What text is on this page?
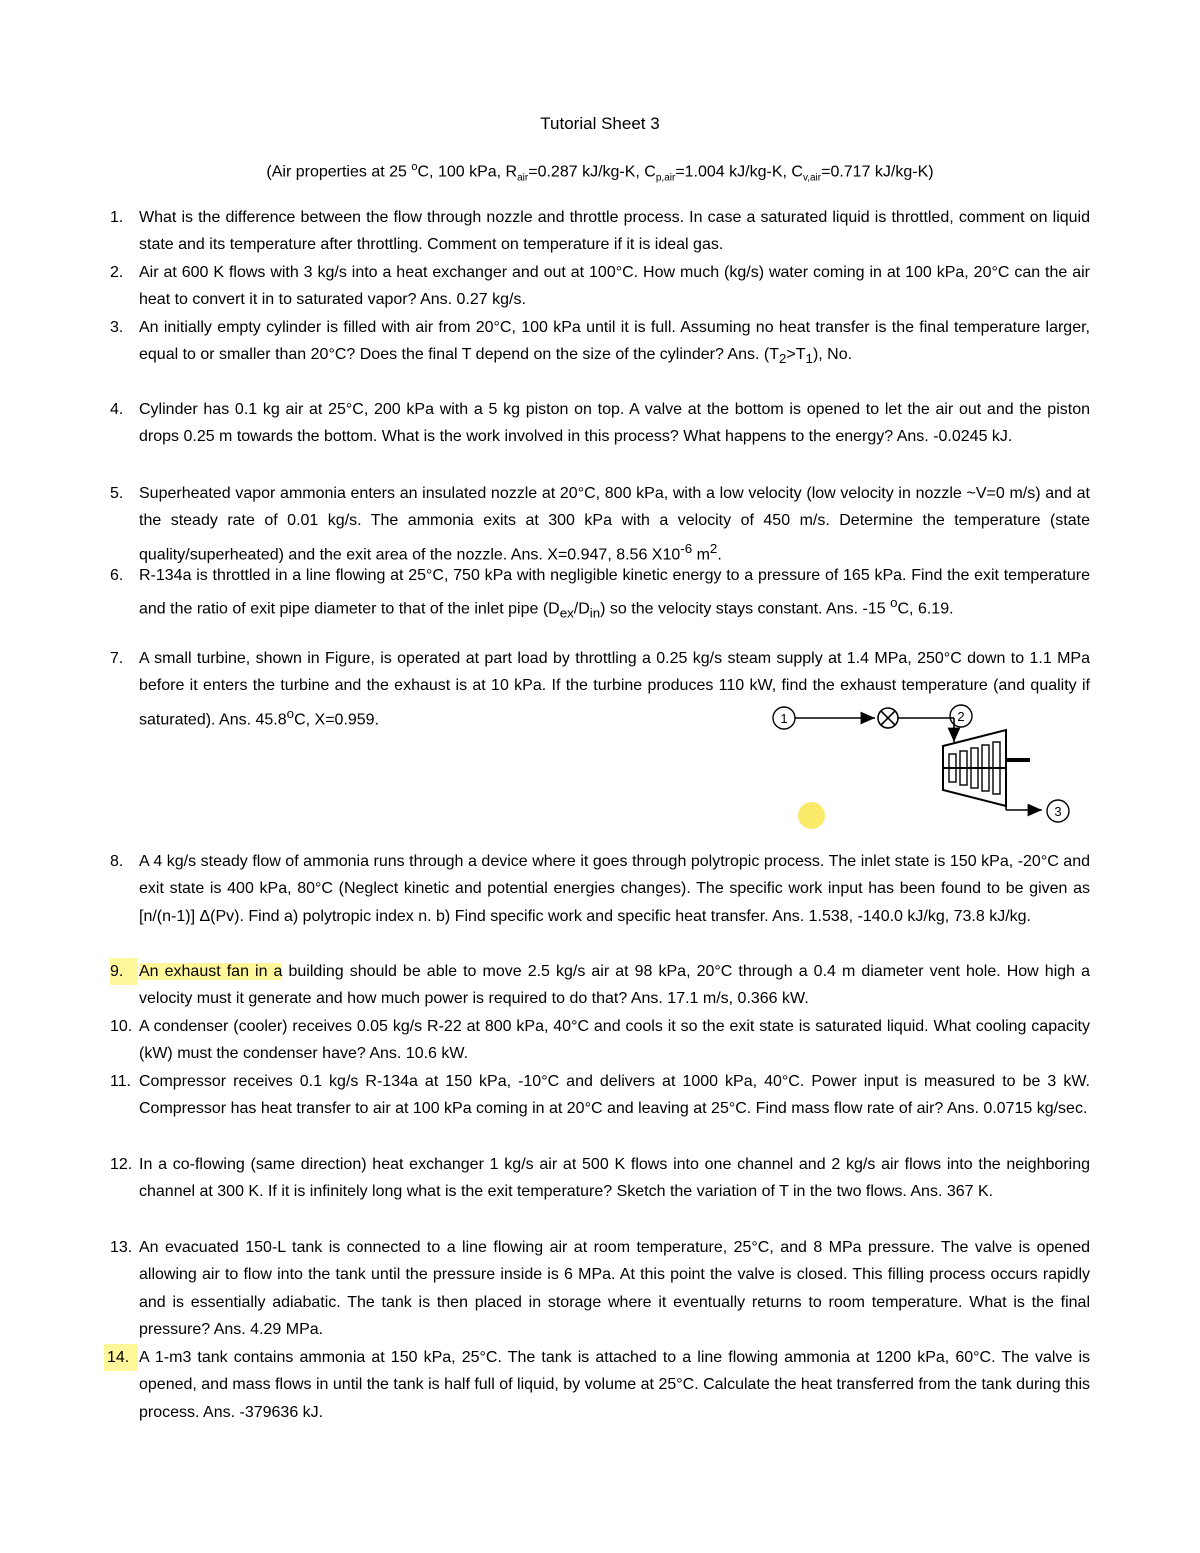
Tutorial Sheet 3
(Air properties at 25 $^o$C, 100 kPa, $R_{air}=0.287$ kJ/kg-K, $C_{p,air}=1.004$ kJ/kg-K, $C_{v,air}=0.717$ kJ/kg-K)
1. What is the difference between the flow through nozzle and throttle process. In case a saturated liquid is throttled, comment on liquid state and its temperature after throttling. Comment on temperature if it is ideal gas.
2. Air at 600 K flows with 3 kg/s into a heat exchanger and out at 100°C. How much (kg/s) water coming in at 100 kPa, 20°C can the air heat to convert it in to saturated vapor? Ans. 0.27 kg/s.
3. An initially empty cylinder is filled with air from 20°C, 100 kPa until it is full. Assuming no heat transfer is the final temperature larger, equal to or smaller than 20°C? Does the final T depend on the size of the cylinder? Ans. $(T_2>T_1)$, No.
4. Cylinder has 0.1 kg air at 25°C, 200 kPa with a 5 kg piston on top. A valve at the bottom is opened to let the air out and the piston drops 0.25 m towards the bottom. What is the work involved in this process? What happens to the energy? Ans. -0.0245 kJ.
5. Superheated vapor ammonia enters an insulated nozzle at 20°C, 800 kPa, with a low velocity (low velocity in nozzle ~V=0 m/s) and at the steady rate of 0.01 kg/s. The ammonia exits at 300 kPa with a velocity of 450 m/s. Determine the temperature (state quality/superheated) and the exit area of the nozzle. Ans. X=0.947, 8.56 $X10^{-6}$ $m^2$.
6. R-134a is throttled in a line flowing at 25°C, 750 kPa with negligible kinetic energy to a pressure of 165 kPa. Find the exit temperature and the ratio of exit pipe diameter to that of the inlet pipe $(D_{ex}/D_{in})$ so the velocity stays constant. Ans. -15 $^o$C, 6.19.
7. A small turbine, shown in Figure, is operated at part load by throttling a 0.25 kg/s steam supply at 1.4 MPa, 250°C down to 1.1 MPa before it enters the turbine and the exhaust is at 10 kPa. If the turbine produces 110 kW, find the exhaust temperature (and quality if saturated). Ans. 45.8$^o$C, X=0.959.	1	2
3
8. A 4 kg/s steady flow of ammonia runs through a device where it goes through polytropic process. The inlet state is 150 kPa, -20°C and exit state is 400 kPa, 80°C (Neglect kinetic and potential energies changes). The specific work input has been found to be given as [n/(n-1)] Δ(Pv). Find a) polytropic index n. b) Find specific work and specific heat transfer. Ans. 1.538, -140.0 kJ/kg, 73.8 kJ/kg.
9. An exhaust fan in a building should be able to move 2.5 kg/s air at 98 kPa, 20°C through a 0.4 m diameter vent hole. How high a velocity must it generate and how much power is required to do that? Ans. 17.1 m/s, 0.366 kW.
10. A condenser (cooler) receives 0.05 kg/s R-22 at 800 kPa, 40°C and cools it so the exit state is saturated liquid. What cooling capacity (kW) must the condenser have? Ans. 10.6 kW.
11. Compressor receives 0.1 kg/s R-134a at 150 kPa, -10°C and delivers at 1000 kPa, 40°C. Power input is measured to be 3 kW. Compressor has heat transfer to air at 100 kPa coming in at 20°C and leaving at 25°C. Find mass flow rate of air? Ans. 0.0715 kg/sec.
12. In a co-flowing (same direction) heat exchanger 1 kg/s air at 500 K flows into one channel and 2 kg/s air flows into the neighboring channel at 300 K. If it is infinitely long what is the exit temperature? Sketch the variation of T in the two flows. Ans. 367 K.
13. An evacuated 150-L tank is connected to a line flowing air at room temperature, 25°C, and 8 MPa pressure. The valve is opened allowing air to flow into the tank until the pressure inside is 6 MPa. At this point the valve is closed. This filling process occurs rapidly and is essentially adiabatic. The tank is then placed in storage where it eventually returns to room temperature. What is the final pressure? Ans. 4.29 MPa.
14. A 1-m3 tank contains ammonia at 150 kPa, 25°C. The tank is attached to a line flowing ammonia at 1200 kPa, 60°C. The valve is opened, and mass flows in until the tank is half full of liquid, by volume at 25°C. Calculate the heat transferred from the tank during this process. Ans. -379636 kJ.
